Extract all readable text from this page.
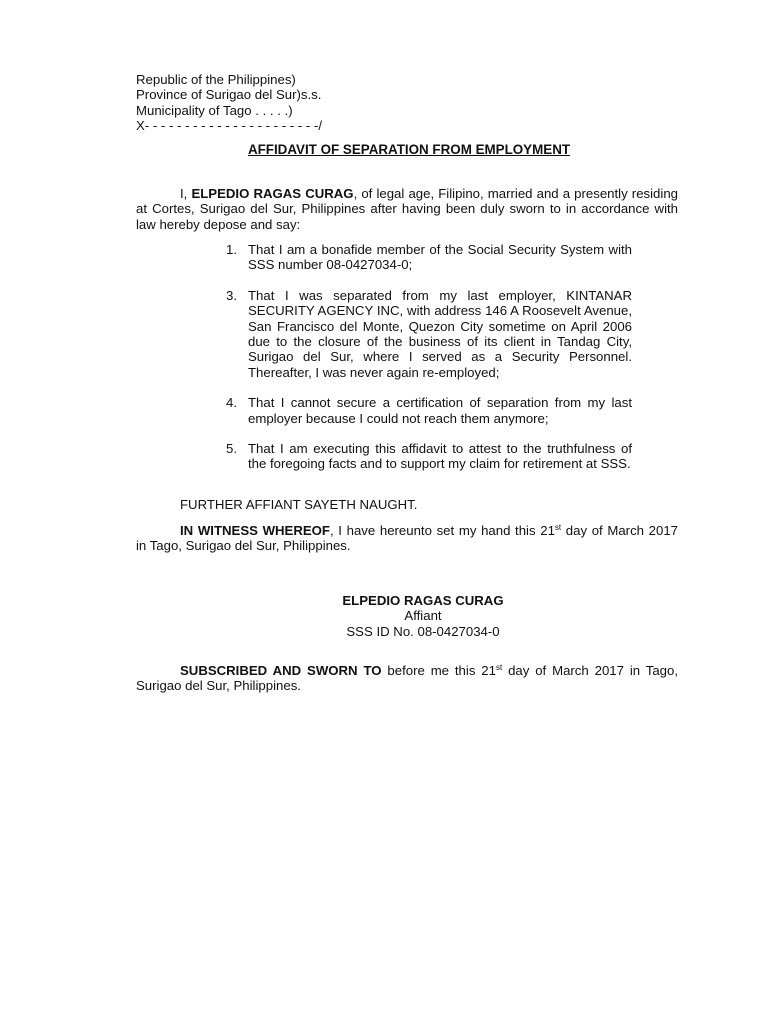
Republic of the Philippines)
Province of Surigao del Sur)s.s.
Municipality of Tago . . . . .)
X- - - - - - - - - - - - - - - - - - - - - -/
AFFIDAVIT OF SEPARATION FROM EMPLOYMENT
I, ELPEDIO RAGAS CURAG, of legal age, Filipino, married and a presently residing at Cortes, Surigao del Sur, Philippines after having been duly sworn to in accordance with law hereby depose and say:
1. That I am a bonafide member of the Social Security System with SSS number 08-0427034-0;
3. That I was separated from my last employer, KINTANAR SECURITY AGENCY INC, with address 146 A Roosevelt Avenue, San Francisco del Monte, Quezon City sometime on April 2006 due to the closure of the business of its client in Tandag City, Surigao del Sur, where I served as a Security Personnel. Thereafter, I was never again re-employed;
4. That I cannot secure a certification of separation from my last employer because I could not reach them anymore;
5. That I am executing this affidavit to attest to the truthfulness of the foregoing facts and to support my claim for retirement at SSS.
FURTHER AFFIANT SAYETH NAUGHT.
IN WITNESS WHEREOF, I have hereunto set my hand this 21st day of March 2017 in Tago, Surigao del Sur, Philippines.
ELPEDIO RAGAS CURAG
Affiant
SSS ID No. 08-0427034-0
SUBSCRIBED AND SWORN TO before me this 21st day of March 2017 in Tago, Surigao del Sur, Philippines.
